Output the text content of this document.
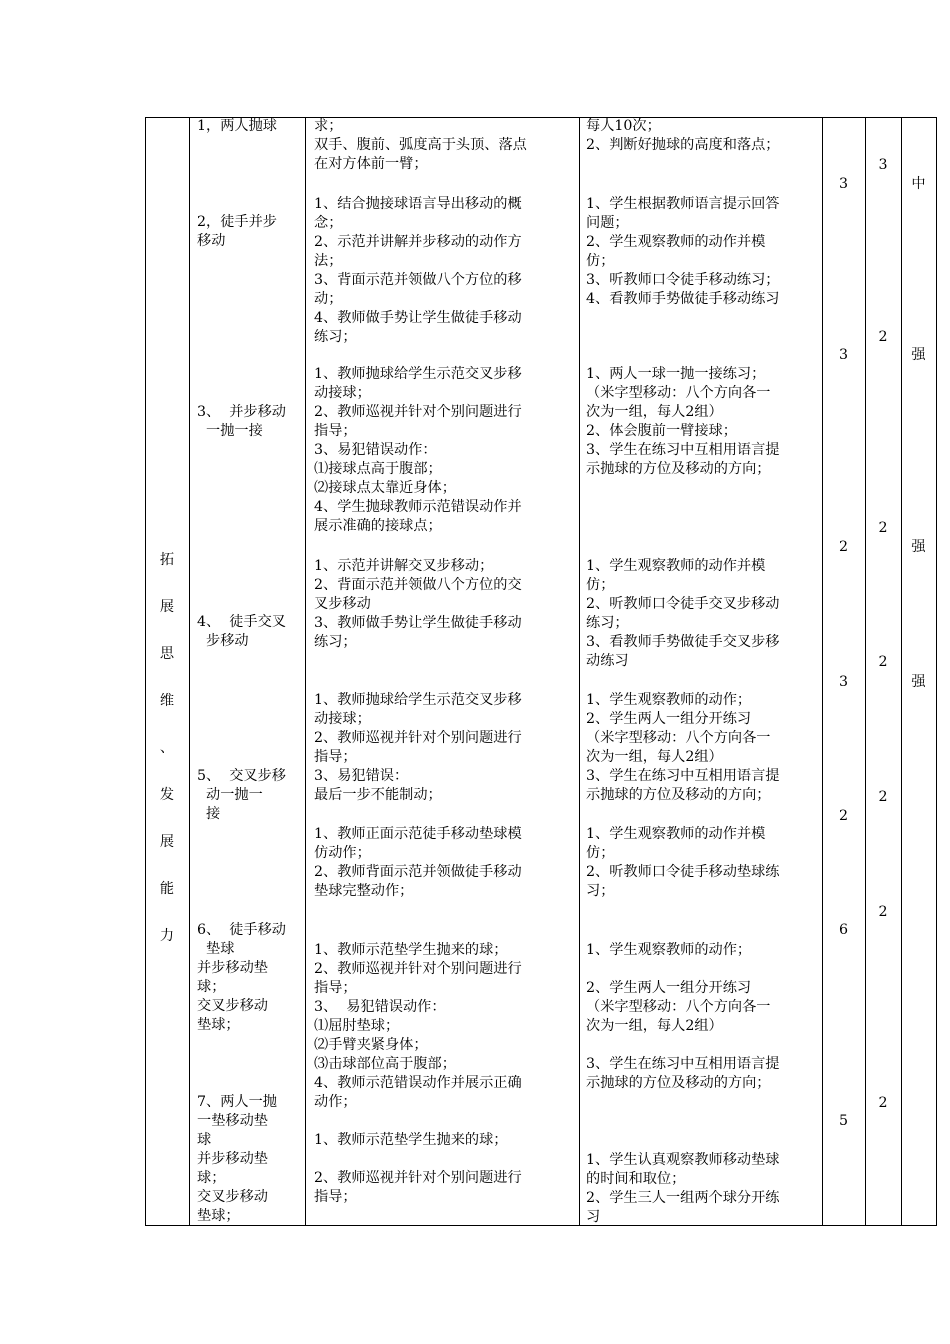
拓
展
思
维
、
发
展
能
力
1，两人抛球
2，徒手并步
移动
3、  并步移动
一抛一接
4、  徒手交叉
步移动
5、  交叉步移
动一抛一
接
6、  徒手移动
垫球
并步移动垫
球；
交叉步移动
垫球；
7、两人一抛
一垫移动垫
球
并步移动垫
球；
交叉步移动
垫球；
求；
双手、腹前、弧度高于头顶、落点
在对方体前一臂；
1、结合抛接球语言导出移动的概
念；
2、示范并讲解并步移动的动作方
法；
3、背面示范并领做八个方位的移
动；
4、教师做手势让学生做徒手移动
练习；
1、教师抛球给学生示范交叉步移
动接球；
2、教师巡视并针对个别问题进行
指导；
3、易犯错误动作：
⑴接球点高于腹部；
⑵接球点太靠近身体；
4、学生抛球教师示范错误动作并
展示准确的接球点；
1、示范并讲解交叉步移动；
2、背面示范并领做八个方位的交
叉步移动
3、教师做手势让学生做徒手移动
练习；
1、教师抛球给学生示范交叉步移
动接球；
2、教师巡视并针对个别问题进行
指导；
3、易犯错误：
最后一步不能制动；
1、教师正面示范徒手移动垫球模
仿动作；
2、教师背面示范并领做徒手移动
垫球完整动作；
1、教师示范垫学生抛来的球；
2、教师巡视并针对个别问题进行
指导；
3、  易犯错误动作：
⑴屈肘垫球；
⑵手臂夹紧身体；
⑶击球部位高于腹部；
4、教师示范错误动作并展示正确
动作；
1、教师示范垫学生抛来的球；
2、教师巡视并针对个别问题进行
指导；
每人10次；
2、判断好抛球的高度和落点；
1、学生根据教师语言提示回答
问题；
2、学生观察教师的动作并模
仿；
3、听教师口令徒手移动练习；
4、看教师手势做徒手移动练习
1、两人一球一抛一接练习；
（米字型移动：八个方向各一
次为一组，每人2组）
2、体会腹前一臂接球；
3、学生在练习中互相用语言提
示抛球的方位及移动的方向；
1、学生观察教师的动作并模
仿；
2、听教师口令徒手交叉步移动
练习；
3、看教师手势做徒手交叉步移
动练习
1、学生观察教师的动作；
2、学生两人一组分开练习
（米字型移动：八个方向各一
次为一组，每人2组）
3、学生在练习中互相用语言提
示抛球的方位及移动的方向；
1、学生观察教师的动作并模
仿；
2、听教师口令徒手移动垫球练
习；
1、学生观察教师的动作；
2、学生两人一组分开练习
（米字型移动：八个方向各一
次为一组，每人2组）
3、学生在练习中互相用语言提
示抛球的方位及移动的方向；
1、学生认真观察教师移动垫球
的时间和取位；
2、学生三人一组两个球分开练
习
3
3
2
3
2
6
5
3
2
2
2
2
2
2
中
强
强
强
